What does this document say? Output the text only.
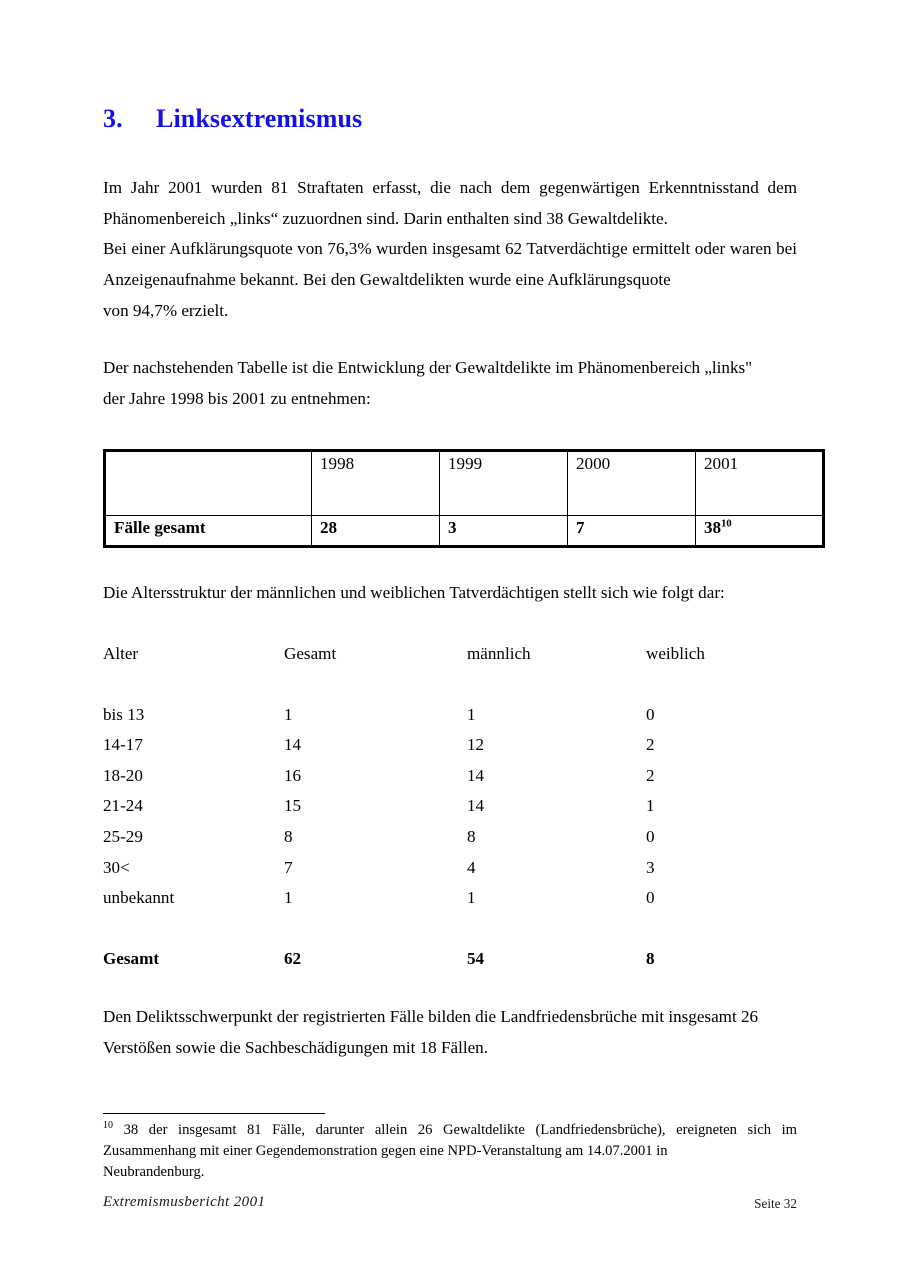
3. Linksextremismus
Im Jahr 2001 wurden 81 Straftaten erfasst, die nach dem gegenwärtigen Erkenntnisstand dem Phänomenbereich „links“ zuzuordnen sind. Darin enthalten sind 38 Gewaltdelikte.
Bei einer Aufklärungsquote von 76,3% wurden insgesamt 62 Tatverdächtige ermittelt oder waren bei Anzeigenaufnahme bekannt. Bei den Gewaltdelikten wurde eine Aufklärungsquote
von 94,7% erzielt.
Der nachstehenden Tabelle ist die Entwicklung der Gewaltdelikte im Phänomenbereich „links"
der Jahre 1998 bis 2001 zu entnehmen:
	1998	1999	2000	2001
Fälle gesamt	28	3	7	38$^{10}$
Die Altersstruktur der männlichen und weiblichen Tatverdächtigen stellt sich wie folgt dar:
Alter	Gesamt	männlich	weiblich
bis 13	1	1	0
14-17	14	12	2
18-20	16	14	2
21-24	15	14	1
25-29	8	8	0
30<	7	4	3
unbekannt	1	1	0
Gesamt	62	54	8
Den Deliktsschwerpunkt der registrierten Fälle bilden die Landfriedensbrüche mit insgesamt 26
Verstößen sowie die Sachbeschädigungen mit 18 Fällen.
$^{10}$ 38 der insgesamt 81 Fälle, darunter allein 26 Gewaltdelikte (Landfriedensbrüche), ereigneten sich im Zusammenhang mit einer Gegendemonstration gegen eine NPD-Veranstaltung am 14.07.2001 in
Neubrandenburg.
Extremismusbericht 2001	Seite 32
